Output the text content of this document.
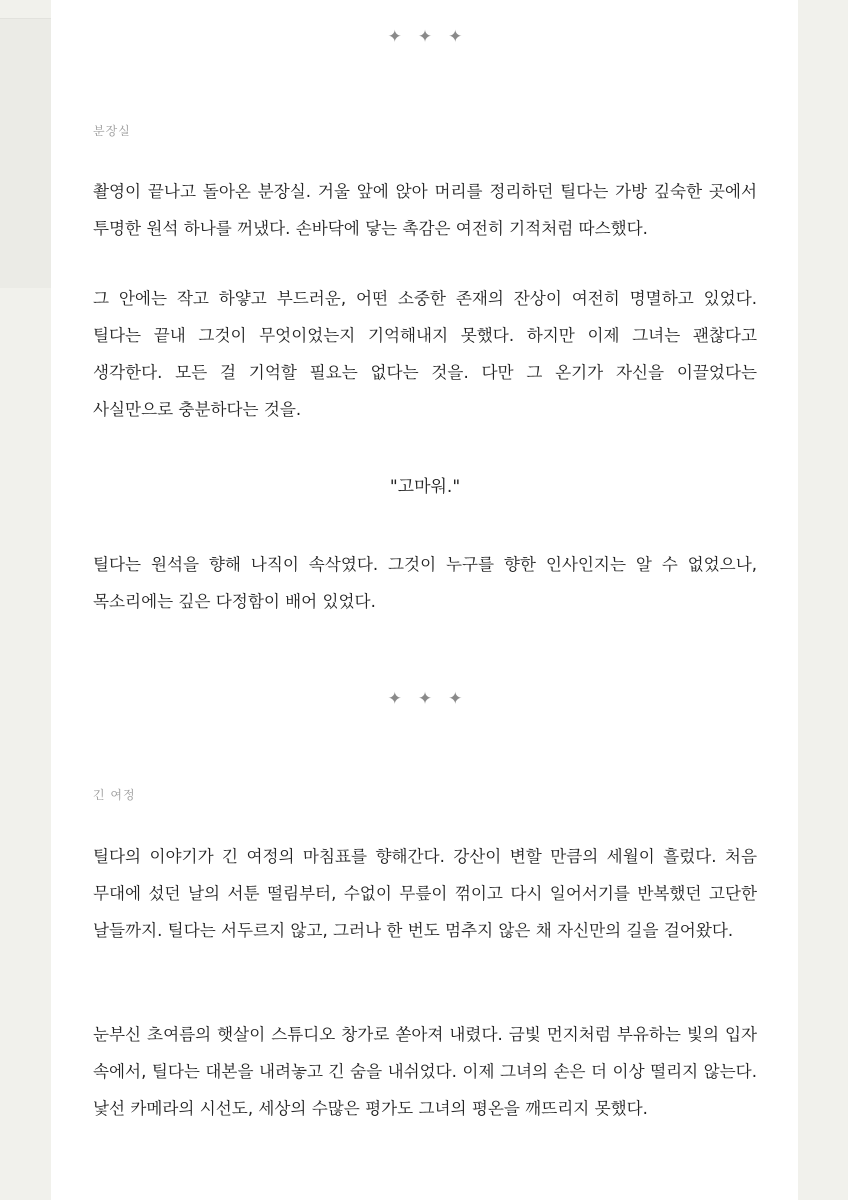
✦ ✦ ✦
분장실

촬영이 끝나고 돌아온 분장실. 거울 앞에 앉아 머리를 정리하던 틸다는 가방 깊숙한 곳에서 투명한 원석 하나를 꺼냈다. 손바닥에 닿는 촉감은 여전히 기적처럼 따스했다.

그 안에는 작고 하얗고 부드러운, 어떤 소중한 존재의 잔상이 여전히 명멸하고 있었다. 틸다는 끝내 그것이 무엇이었는지 기억해내지 못했다. 하지만 이제 그녀는 괜찮다고 생각한다. 모든 걸 기억할 필요는 없다는 것을. 다만 그 온기가 자신을 이끌었다는 사실만으로 충분하다는 것을.

"고마워."

틸다는 원석을 향해 나직이 속삭였다. 그것이 누구를 향한 인사인지는 알 수 없었으나, 목소리에는 깊은 다정함이 배어 있었다.

✦ ✦ ✦
긴 여정

틸다의 이야기가 긴 여정의 마침표를 향해간다. 강산이 변할 만큼의 세월이 흘렀다. 처음 무대에 섰던 날의 서툰 떨림부터, 수없이 무릎이 꺾이고 다시 일어서기를 반복했던 고단한 날들까지. 틸다는 서두르지 않고, 그러나 한 번도 멈추지 않은 채 자신만의 길을 걸어왔다.

눈부신 초여름의 햇살이 스튜디오 창가로 쏟아져 내렸다. 금빛 먼지처럼 부유하는 빛의 입자 속에서, 틸다는 대본을 내려놓고 긴 숨을 내쉬었다. 이제 그녀의 손은 더 이상 떨리지 않는다. 낯선 카메라의 시선도, 세상의 수많은 평가도 그녀의 평온을 깨뜨리지 못했다.
